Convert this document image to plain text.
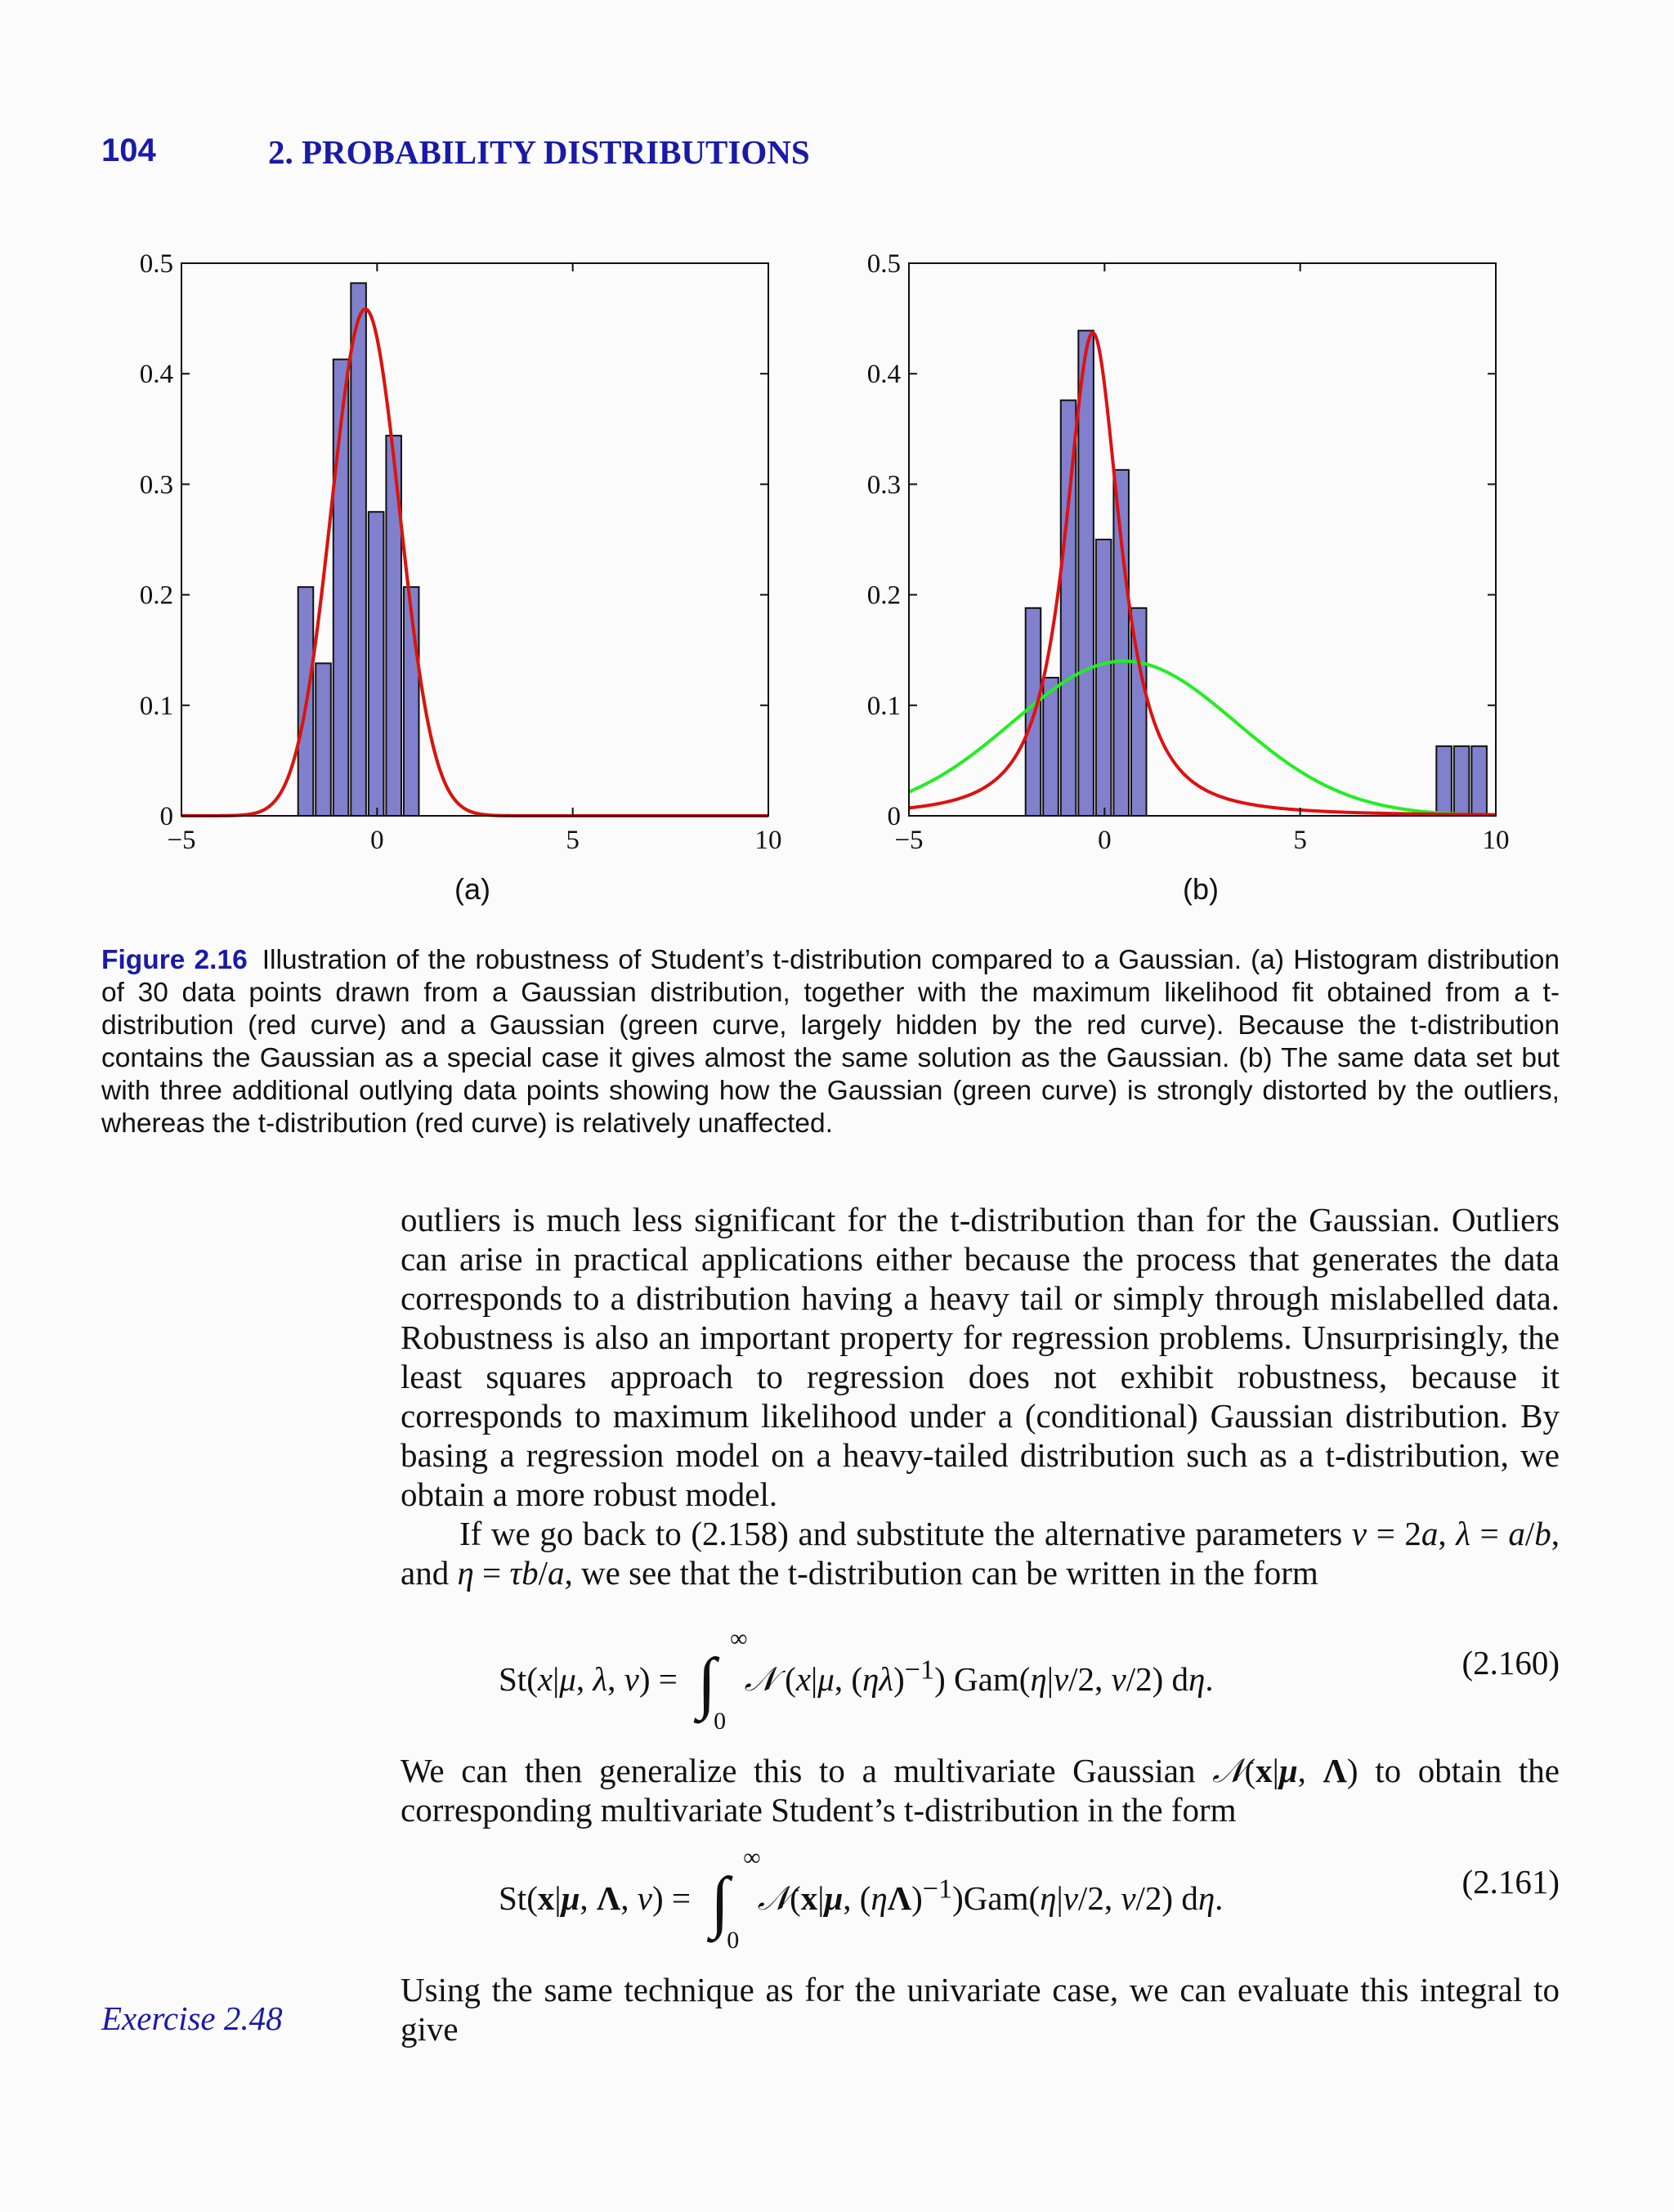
104	2. PROBABILITY DISTRIBUTIONS
0
0.1
0.2
0.3
0.4
0.5
−5	0	5	10
0
0.1
0.2
0.3
0.4
0.5
−5	0	5	10
(a)	(b)
Figure 2.16 Illustration of the robustness of Student’s t-distribution compared to a Gaussian. (a) Histogram distribution of 30 data points drawn from a Gaussian distribution, together with the maximum likelihood fit obtained from a t-distribution (red curve) and a Gaussian (green curve, largely hidden by the red curve). Because the t-distribution contains the Gaussian as a special case it gives almost the same solution as the Gaussian. (b) The same data set but with three additional outlying data points showing how the Gaussian (green curve) is strongly distorted by the outliers, whereas the t-distribution (red curve) is relatively unaffected.

outliers is much less significant for the t-distribution than for the Gaussian. Outliers can arise in practical applications either because the process that generates the data corresponds to a distribution having a heavy tail or simply through mislabelled data. Robustness is also an important property for regression problems. Unsurprisingly, the least squares approach to regression does not exhibit robustness, because it corresponds to maximum likelihood under a (conditional) Gaussian distribution. By basing a regression model on a heavy-tailed distribution such as a t-distribution, we obtain a more robust model.

If we go back to (2.158) and substitute the alternative parameters ν = 2a, λ = a/b, and η = τb/a, we see that the t-distribution can be written in the form

St(x|μ, λ, ν) = ∫
∞
0
𝒩 (x|μ, $(\eta\lambda)^{-1}$) Gam(η|ν/2, ν/2) dη.	(2.160)

We can then generalize this to a multivariate Gaussian 𝒩(x|μ, Λ) to obtain the corresponding multivariate Student’s t-distribution in the form

St(x|μ, Λ, ν) = ∫
∞
0
𝒩(x|μ, $(\eta\Lambda)^{-1})Gam(\eta|\nu/2$, ν/2) dη.	(2.161)

Using the same technique as for the univariate case, we can evaluate this integral to give

Exercise 2.48
